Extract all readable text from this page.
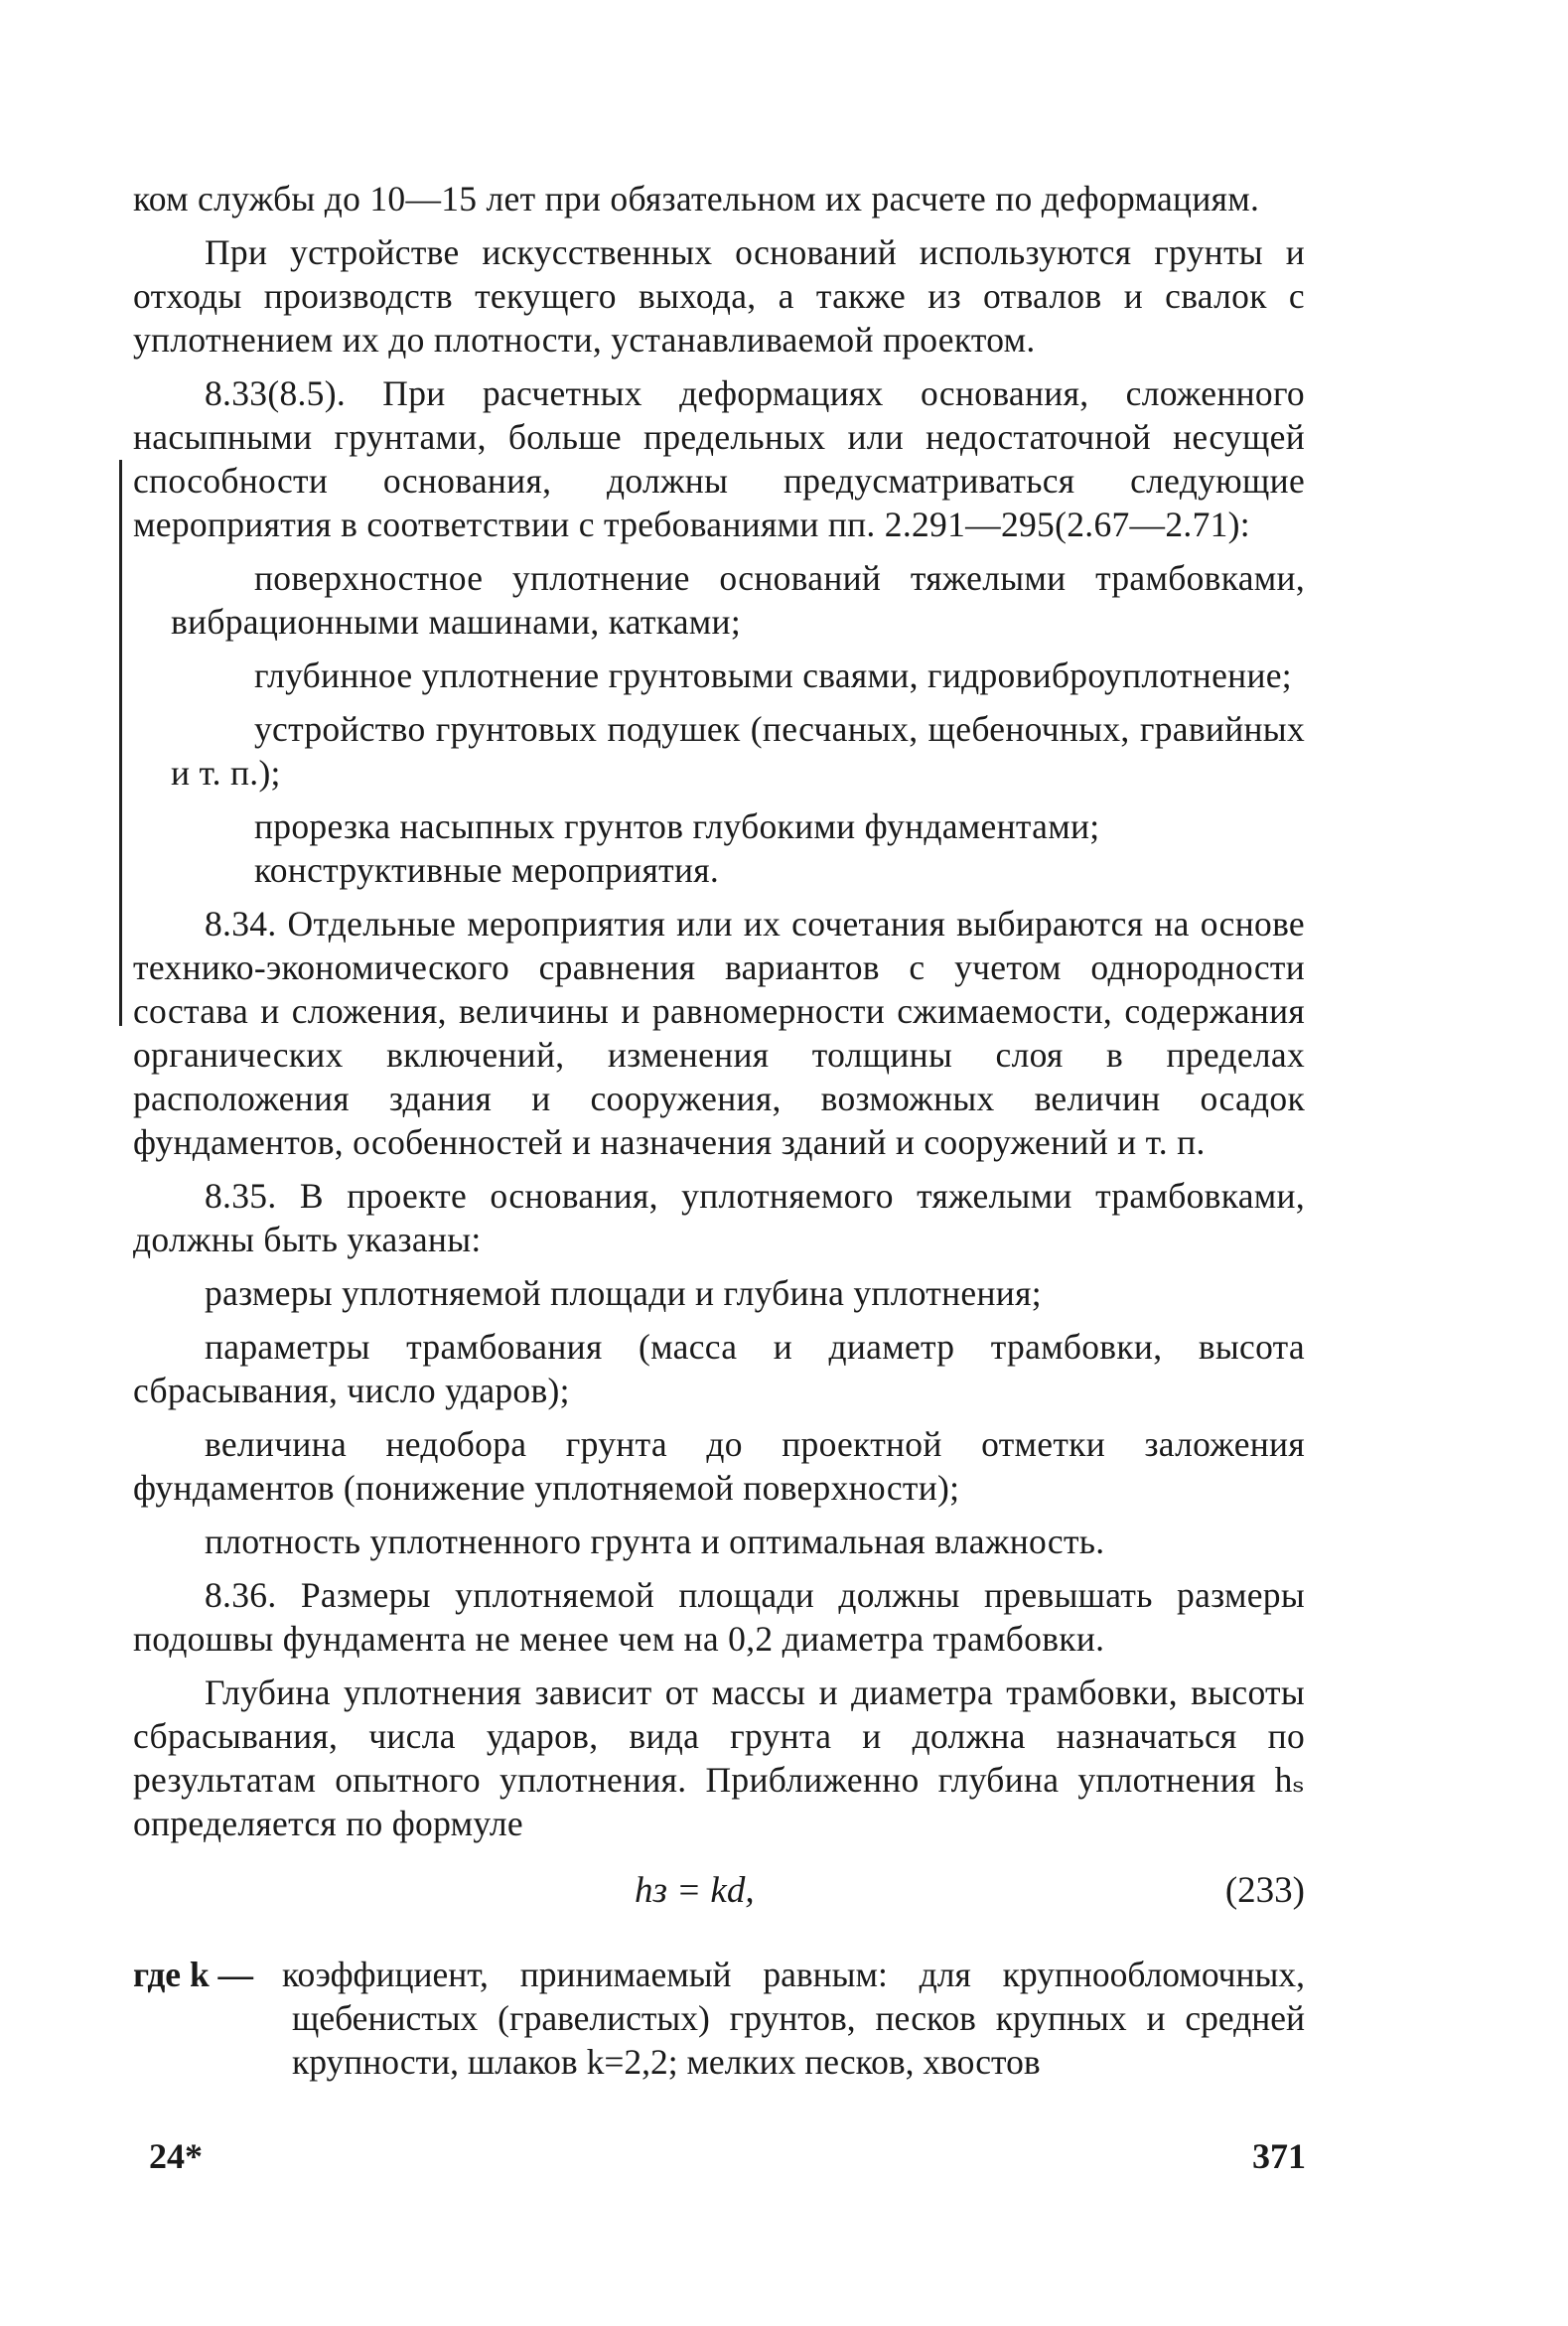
ком службы до 10—15 лет при обязательном их расчете по деформациям.

При устройстве искусственных оснований используются грунты и отходы производств текущего выхода, а также из отвалов и свалок с уплотнением их до плотности, устанавливаемой проектом.

8.33(8.5). При расчетных деформациях основания, сложенного насыпными грунтами, больше предельных или недостаточной несущей способности основания, должны предусматриваться следующие мероприятия в соответствии с требованиями пп. 2.291—295(2.67—2.71):

поверхностное уплотнение оснований тяжелыми трамбовками, вибрационными машинами, катками;

глубинное уплотнение грунтовыми сваями, гидровиброуплотнение;

устройство грунтовых подушек (песчаных, щебеночных, гравийных и т. п.);

прорезка насыпных грунтов глубокими фундаментами;

конструктивные мероприятия.

8.34. Отдельные мероприятия или их сочетания выбираются на основе технико-экономического сравнения вариантов с учетом однородности состава и сложения, величины и равномерности сжимаемости, содержания органических включений, изменения толщины слоя в пределах расположения здания и сооружения, возможных величин осадок фундаментов, особенностей и назначения зданий и сооружений и т. п.

8.35. В проекте основания, уплотняемого тяжелыми трамбовками, должны быть указаны:

размеры уплотняемой площади и глубина уплотнения;

параметры трамбования (масса и диаметр трамбовки, высота сбрасывания, число ударов);

величина недобора грунта до проектной отметки заложения фундаментов (понижение уплотняемой поверхности);

плотность уплотненного грунта и оптимальная влажность.

8.36. Размеры уплотняемой площади должны превышать размеры подошвы фундамента не менее чем на 0,2 диаметра трамбовки.

Глубина уплотнения зависит от массы и диаметра трамбовки, высоты сбрасывания, числа ударов, вида грунта и должна назначаться по результатам опытного уплотнения. Приближенно глубина уплотнения hₛ определяется по формуле

hз = kd,	(233)
где k — коэффициент, принимаемый равным: для крупнообломочных, щебенистых (гравелистых) грунтов, песков крупных и средней крупности, шлаков k=2,2; мелких песков, хвостов
24*	371
